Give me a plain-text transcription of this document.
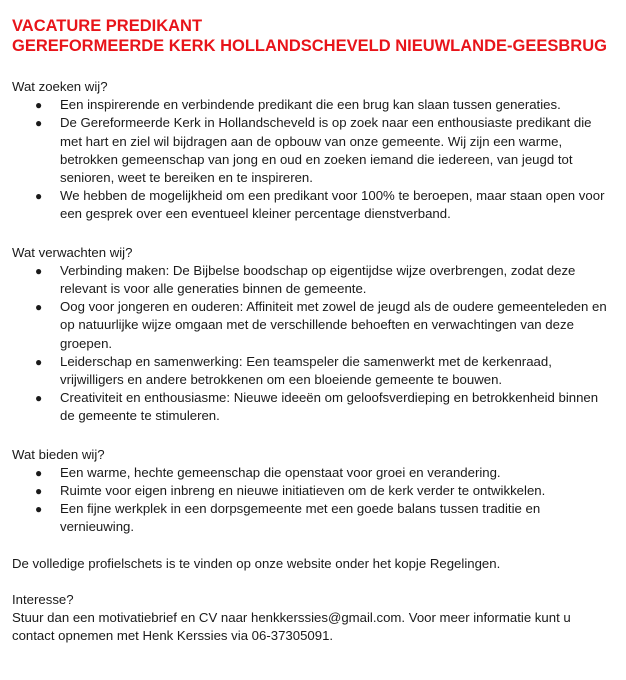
VACATURE PREDIKANT

GEREFORMEERDE KERK HOLLANDSCHEVELD NIEUWLANDE-GEESBRUG

Wat zoeken wij?

● Een inspirerende en verbindende predikant die een brug kan slaan tussen generaties.
● De Gereformeerde Kerk in Hollandscheveld is op zoek naar een enthousiaste predikant die met hart en ziel wil bijdragen aan de opbouw van onze gemeente. Wij zijn een warme, betrokken gemeenschap van jong en oud en zoeken iemand die iedereen, van jeugd tot senioren, weet te bereiken en te inspireren.
● We hebben de mogelijkheid om een predikant voor 100% te beroepen, maar staan open voor een gesprek over een eventueel kleiner percentage dienstverband.

Wat verwachten wij?

● Verbinding maken: De Bijbelse boodschap op eigentijdse wijze overbrengen, zodat deze relevant is voor alle generaties binnen de gemeente.
● Oog voor jongeren en ouderen: Affiniteit met zowel de jeugd als de oudere gemeenteleden en op natuurlijke wijze omgaan met de verschillende behoeften en verwachtingen van deze groepen.
● Leiderschap en samenwerking: Een teamspeler die samenwerkt met de kerkenraad, vrijwilligers en andere betrokkenen om een bloeiende gemeente te bouwen.
● Creativiteit en enthousiasme: Nieuwe ideeën om geloofsverdieping en betrokkenheid binnen de gemeente te stimuleren.

Wat bieden wij?

● Een warme, hechte gemeenschap die openstaat voor groei en verandering.
● Ruimte voor eigen inbreng en nieuwe initiatieven om de kerk verder te ontwikkelen.
● Een fijne werkplek in een dorpsgemeente met een goede balans tussen traditie en vernieuwing.

De volledige profielschets is te vinden op onze website onder het kopje Regelingen.

Interesse?

Stuur dan een motivatiebrief en CV naar henkkerssies@gmail.com. Voor meer informatie kunt u contact opnemen met Henk Kerssies via 06-37305091.
